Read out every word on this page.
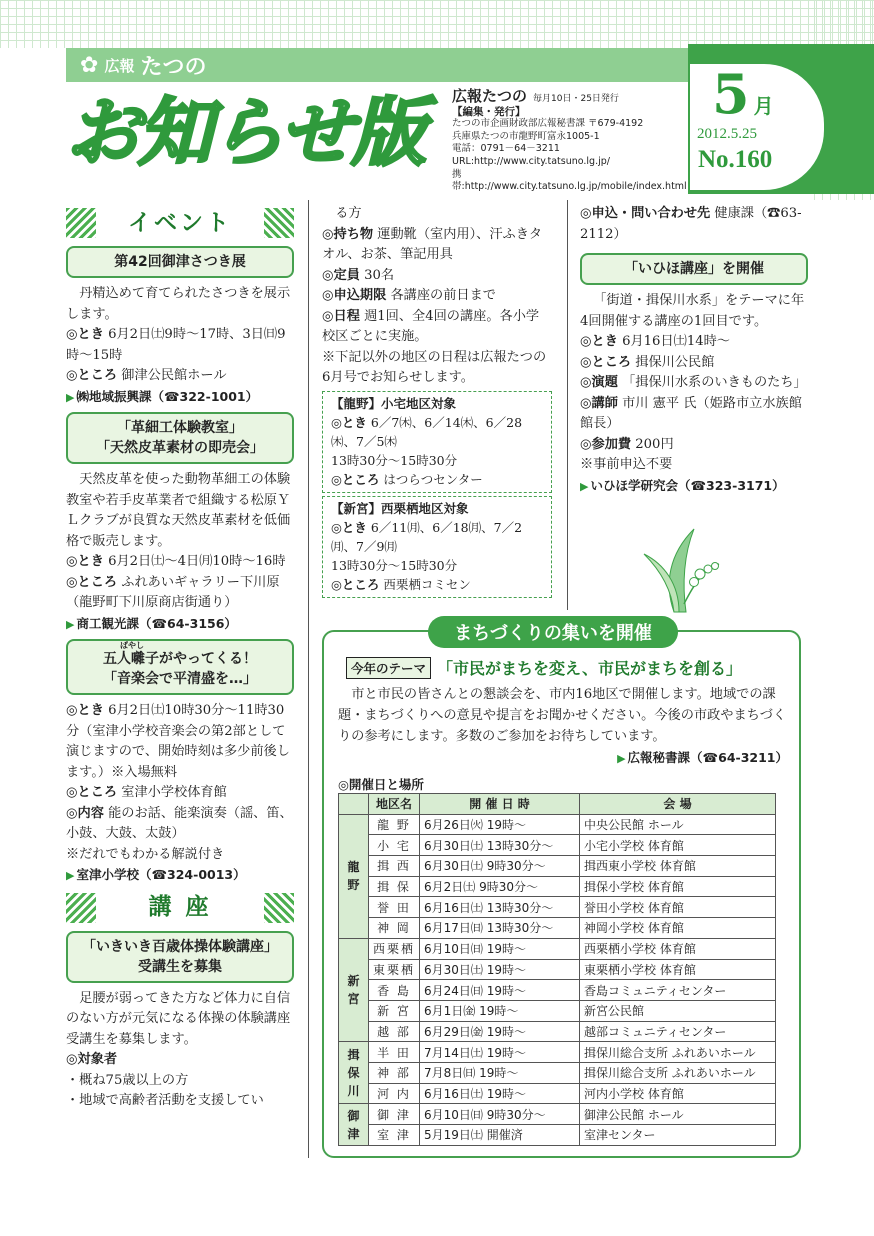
✿ 広報 たつの
お知らせ版 広報たつの 毎月10日・25日発行
【編集・発行】
たつの市企画財政部広報秘書課 〒679-4192
兵庫県たつの市龍野町富永1005-1
電話：0791－64－3211
URL:http://www.city.tatsuno.lg.jp/
携帯:http://www.city.tatsuno.lg.jp/mobile/index.html
5 月
2012.5.25
No.160
イベント
第42回御津さつき展

丹精込めて育てられたさつきを展示します。

◎とき 6月2日㈯9時～17時、3日㈰9時～15時

◎ところ 御津公民館ホール

▶ ㈱地域振興課（☎322-1001）

「革細工体験教室」
「天然皮革素材の即売会」

天然皮革を使った動物革細工の体験教室や若手皮革業者で組織する松原ＹＬクラブが良質な天然皮革素材を低価格で販売します。

◎とき 6月2日㈯～4日㈪10時～16時

◎ところ ふれあいギャラリー下川原（龍野町下川原商店街通り）

▶ 商工観光課（☎64-3156）

ばやし
五人囃子がやってくる！
「音楽会で平清盛を…」

◎とき 6月2日㈯10時30分～11時30分（室津小学校音楽会の第2部として演じますので、開始時刻は多少前後します。）※入場無料

◎ところ 室津小学校体育館

◎内容 能のお話、能楽演奏（謡、笛、小鼓、大鼓、太鼓）

※だれでもわかる解説付き

▶ 室津小学校（☎324-0013）

講 座
「いきいき百歳体操体験講座」
受講生を募集

足腰が弱ってきた方など体力に自信のない方が元気になる体操の体験講座受講生を募集します。

◎対象者

・概ね75歳以上の方

・地域で高齢者活動を支援してい

る方

◎持ち物 運動靴（室内用）、汗ふきタオル、お茶、筆記用具

◎定員 30名

◎申込期限 各講座の前日まで

◎日程 週1回、全4回の講座。各小学校区ごとに実施。

※下記以外の地区の日程は広報たつの6月号でお知らせします。

【龍野】小宅地区対象

◎とき 6／7㈭、6／14㈭、6／28㈭、7／5㈭

13時30分～15時30分

◎ところ はつらつセンター

【新宮】西栗栖地区対象

◎とき 6／11㈪、6／18㈪、7／2㈪、7／9㈪

13時30分～15時30分

◎ところ 西栗栖コミセン

◎申込・問い合わせ先 健康課（☎63-2112）

「いひほ講座」を開催

「街道・揖保川水系」をテーマに年4回開催する講座の1回目です。

◎とき 6月16日㈯14時～

◎ところ 揖保川公民館

◎演題 「揖保川水系のいきものたち」

◎講師 市川 憲平 氏（姫路市立水族館館長）

◎参加費 200円

※事前申込不要

▶ いひほ学研究会（☎323-3171）

まちづくりの集いを開催
今年のテーマ 「市民がまちを変え、市民がまちを創る」

市と市民の皆さんとの懇談会を、市内16地区で開催します。地域での課題・まちづくりへの意見や提言をお聞かせください。今後の市政やまちづくりの参考にします。多数のご参加をお待ちしています。

▶ 広報秘書課（☎64-3211）

◎開催日と場所
	地区名	開 催 日 時	会 場

龍
野	龍 野	6月26日㈫ 19時～	中央公民館 ホール
	小 宅	6月30日㈯ 13時30分～	小宅小学校 体育館
	揖 西	6月30日㈯ 9時30分～	揖西東小学校 体育館
	揖 保	6月2日㈯ 9時30分～	揖保小学校 体育館
	誉 田	6月16日㈯ 13時30分～	誉田小学校 体育館
	神 岡	6月17日㈰ 13時30分～	神岡小学校 体育館

新
宮	西栗栖	6月10日㈰ 19時～	西栗栖小学校 体育館
	東栗栖	6月30日㈯ 19時～	東栗栖小学校 体育館
	香 島	6月24日㈰ 19時～	香島コミュニティセンター
	新 宮	6月1日㈮ 19時～	新宮公民館
	越 部	6月29日㈮ 19時～	越部コミュニティセンター

揖
保
川	半 田	7月14日㈯ 19時～	揖保川総合支所 ふれあいホール
	神 部	7月8日㈰ 19時～	揖保川総合支所 ふれあいホール
	河 内	6月16日㈯ 19時～	河内小学校 体育館

御
津	御 津	6月10日㈰ 9時30分～	御津公民館 ホール
	室 津	5月19日㈯ 開催済	室津センター
